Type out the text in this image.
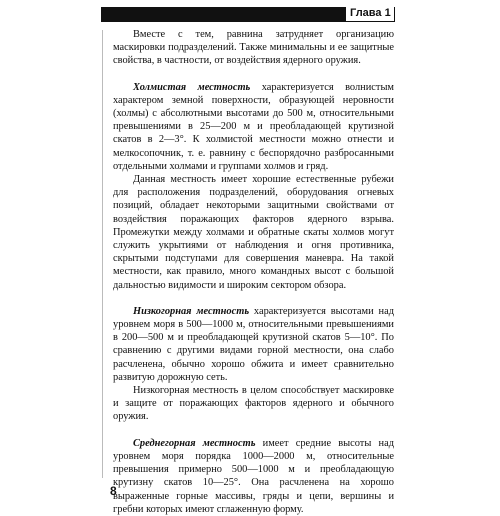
Глава 1

Вместе с тем, равнина затрудняет организацию маскировки подразделений. Также минимальны и ее защитные свойства, в частности, от воздействия ядерного оружия.

Холмистая местность характеризуется волнистым характером земной поверхности, образующей неровности (холмы) с абсолютными высотами до 500 м, относительными превышениями в 25—200 м и преобладающей крутизной скатов в 2—3°. К холмистой местности можно отнести и мелкосопочник, т. е. равнину с беспорядочно разбросанными отдельными холмами и группами холмов и гряд.

Данная местность имеет хорошие естественные рубежи для расположения подразделений, оборудования огневых позиций, обладает некоторыми защитными свойствами от воздействия поражающих факторов ядерного взрыва. Промежутки между холмами и обратные скаты холмов могут служить укрытиями от наблюдения и огня противника, скрытыми подступами для совершения маневра. На такой местности, как правило, много командных высот с большой дальностью видимости и широким сектором обзора.

Низкогорная местность характеризуется высотами над уровнем моря в 500—1000 м, относительными превышениями в 200—500 м и преобладающей крутизной скатов 5—10°. По сравнению с другими видами горной местности, она слабо расчленена, обычно хорошо обжита и имеет сравнительно развитую дорожную сеть.

Низкогорная местность в целом способствует маскировке и защите от поражающих факторов ядерного и обычного оружия.

Среднегорная местность имеет средние высоты над уровнем моря порядка 1000—2000 м, относительные превышения примерно 500—1000 м и преобладающую крутизну скатов 10—25°. Она расчленена на хорошо выраженные горные массивы, гряды и цепи, вершины и гребни которых имеют сглаженную форму.

8
